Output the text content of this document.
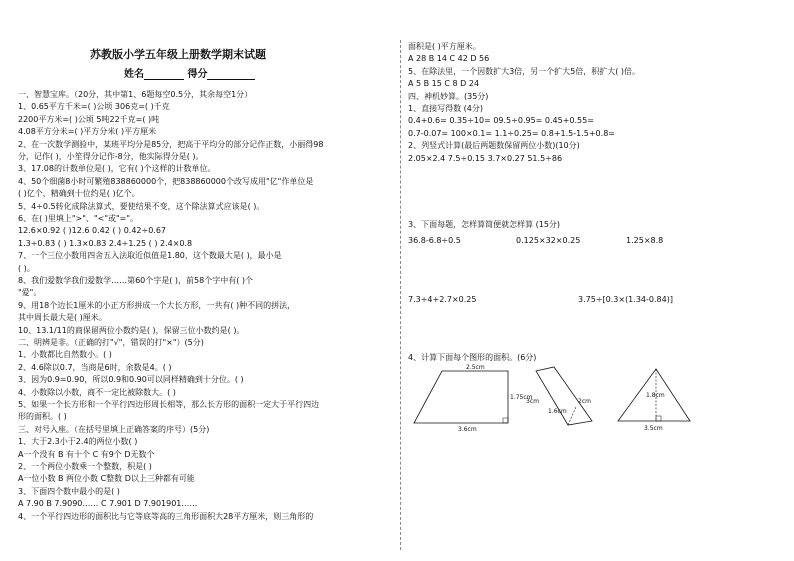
苏教版小学五年级上册数学期末试题
姓名	得分
一、智慧宝库。（20分，其中第1、6题每空0.5分，其余每空1分）
1、0.65平方千米=( )公顷 306克=( )千克
2200平方米=( )公顷 5吨22千克=( )吨
4.08平方分米=( )平方分米( )平方厘米
2、在一次数学测验中，某班平均分是85分，把高于平均分的部分记作正数，小丽得98
分，记作( )，小笙得分记作-8分，他实际得分是( )。
3、17.08的计数单位是( )，它有( )个这样的计数单位。
4、50个细菌8小时可繁殖838860000个，把838860000个改写成用"亿"作单位是
( )亿个，精确到十位约是( )亿个。
5、4÷0.5转化成除法算式，要使结果不变，这个除法算式应该是( )。
6、在( )里填上">"、"<"或"="。
12.6×0.92 ( )12.6 0.42 ( ) 0.42÷0.67
1.3÷0.83 ( ) 1.3×0.83 2.4÷1.25 ( ) 2.4×0.8
7、一个三位小数用四舍五入法取近似值是1.80，这个数最大是( )，最小是
( )。
8、我们爱数学我们爱数学……第60个字是( )，前58个字中有( )个
"爱"。
9、用18个边长1厘米的小正方形拼成一个大长方形，一共有( )种不同的拼法，
其中周长最大是( )厘米。
10、13.1/11的商保留两位小数约是( )，保留三位小数约是( )。
二、明辨是非。（正确的打"√"，错误的打"×"）(5分)
1、小数都比自然数小。( )
2、4.6除以0.7，当商是6时，余数是4。( )
3、因为0.9=0.90，所以0.9和0.90可以同样精确到十分位。( )
4、小数除以小数，商不一定比被除数大。( )
5、如果一个长方形和一个平行四边形周长相等，那么长方形的面积一定大于平行四边
形的面积。( )
三、对号入座。（在括号里填上正确答案的序号）(5分)
1、大于2.3小于2.4的两位小数( )
A一个没有 B 有十个 C 有9个 D无数个
2、一个两位小数乘一个整数，积是( )
A一位小数 B 两位小数 C整数 D以上三种都有可能
3、下面四个数中最小的是( )
A 7.90 B 7.9090…… C 7.901 D 7.901901……
4、一个平行四边形的面积比与它等底等高的三角形面积大28平方厘米，则三角形的
面积是( )平方厘米。
A 28 B 14 C 42 D 56
5、在除法里，一个因数扩大3倍，另一个扩大5倍，积扩大( )倍。
A 5 B 15 C 8 D 24
四、神机妙算。(35分)
1、直接写得数 (4分)
0.4+0.6= 0.35÷10= 09.5÷0.95= 0.45+0.55=
0.7-0.07= 100×0.1= 1.1÷0.25= 0.8+1.5-1.5+0.8=
2、列竖式计算(最后两题数保留两位小数)(10分)
2.05×2.4 7.5÷0.15 3.7×0.27 51.5÷86
3、下面每题，怎样算简便就怎样算 (15分)
36.8-6.8÷0.5	0.125×32×0.25	1.25×8.8
7.3÷4+2.7×0.25	3.75÷[0.3×(1.34-0.84)]
4、计算下面每个图形的面积。(6分)
2.5cm
1.75cm
3.6cm
3cm
1.6cm
2cm
1.8cm
3.5cm
